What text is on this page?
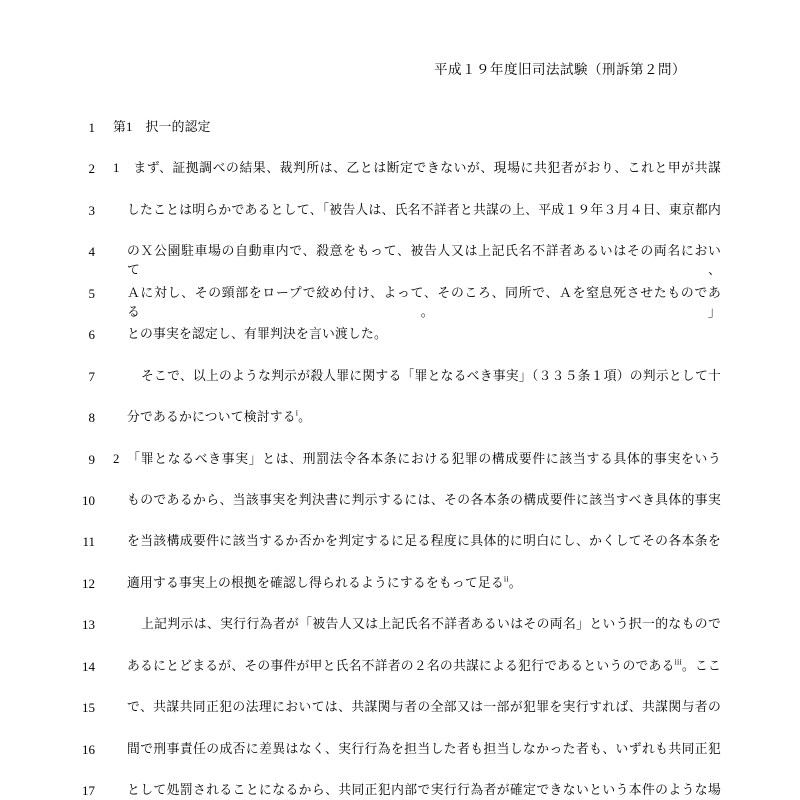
平成１９年度旧司法試験（刑訴第２問）
1 第1　択一的認定
2 1　まず、証拠調べの結果、裁判所は、乙とは断定できないが、現場に共犯者がおり、これと甲が共謀
3	したことは明らかであるとして、「被告人は、氏名不詳者と共謀の上、平成１９年３月４日、東京都内
4	のＸ公園駐車場の自動車内で、殺意をもって、被告人又は上記氏名不詳者あるいはその両名において、
5	Ａに対し、その頸部をロープで絞め付け、よって、そのころ、同所で、Ａを窒息死させたものである。」
6	との事実を認定し、有罪判決を言い渡した。
7	そこで、以上のような判示が殺人罪に関する「罪となるべき事実」（３３５条１項）の判示として十
8	分であるかについて検討する$^i$。
9 2　「罪となるべき事実」とは、刑罰法令各本条における犯罪の構成要件に該当する具体的事実をいう
10	ものであるから、当該事実を判決書に判示するには、その各本条の構成要件に該当すべき具体的事実
11	を当該構成要件に該当するか否かを判定するに足る程度に具体的に明白にし、かくしてその各本条を
12	適用する事実上の根拠を確認し得られるようにするをもって足る$^{ii}$。
13	上記判示は、実行行為者が「被告人又は上記氏名不詳者あるいはその両名」という択一的なもので
14	あるにとどまるが、その事件が甲と氏名不詳者の２名の共謀による犯行であるというのである$^{iii}$。ここ
15	で、共謀共同正犯の法理においては、共謀関与者の全部又は一部が犯罪を実行すれば、共謀関与者の
16	間で刑事責任の成否に差異はなく、実行行為を担当した者も担当しなかった者も、いずれも共同正犯
17	として処罰されることになるから、共同正犯内部で実行行為者が確定できないという本件のような場
